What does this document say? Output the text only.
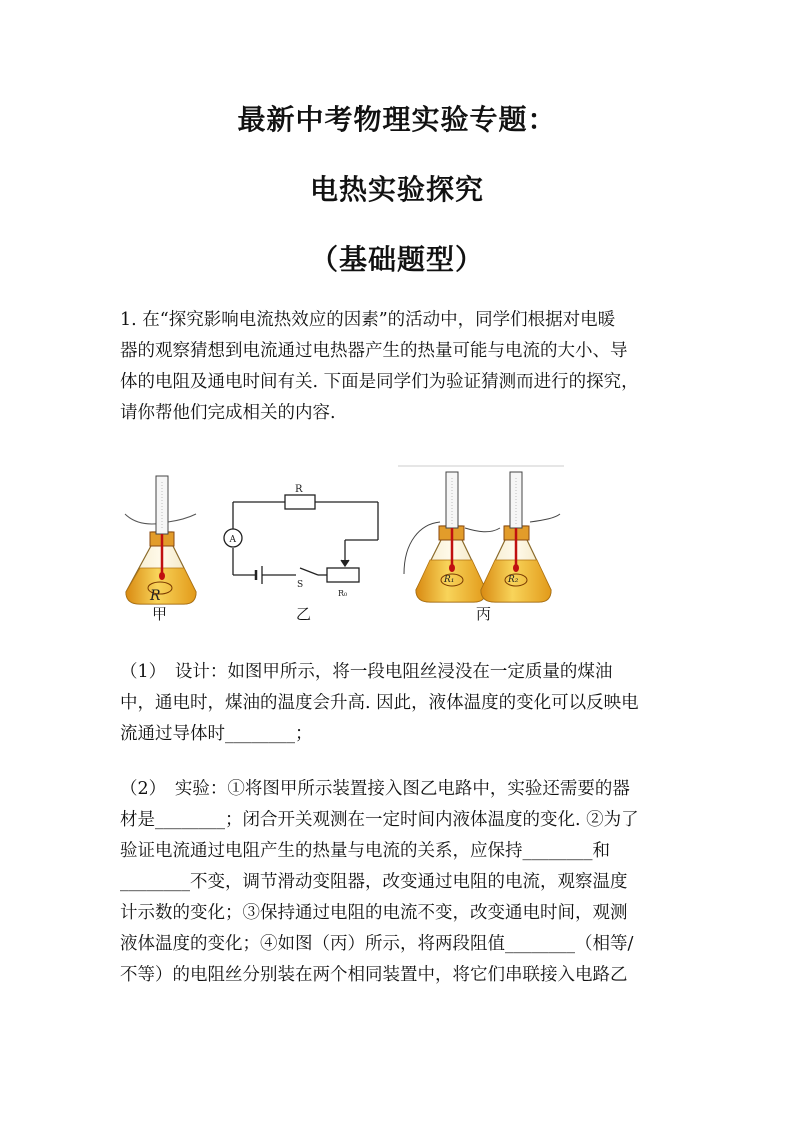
最新中考物理实验专题：
电热实验探究
（基础题型）

1. 在“探究影响电流热效应的因素”的活动中，同学们根据对电暖
器的观察猜想到电流通过电热器产生的热量可能与电流的大小、导
体的电阻及通电时间有关. 下面是同学们为验证猜测而进行的探究，
请你帮他们完成相关的内容.

R
R
A
S
R₀
R₁	R₂
甲	乙	丙

（1）　设计：如图甲所示，将一段电阻丝浸没在一定质量的煤油
中，通电时，煤油的温度会升高. 因此，液体温度的变化可以反映电
流通过导体时________；

（2）　实验：①将图甲所示装置接入图乙电路中，实验还需要的器
材是________；闭合开关观测在一定时间内液体温度的变化. ②为了
验证电流通过电阻产生的热量与电流的关系，应保持________和
________不变，调节滑动变阻器，改变通过电阻的电流，观察温度
计示数的变化；③保持通过电阻的电流不变，改变通电时间，观测
液体温度的变化；④如图（丙）所示，将两段阻值________（相等/
不等）的电阻丝分别装在两个相同装置中，将它们串联接入电路乙
